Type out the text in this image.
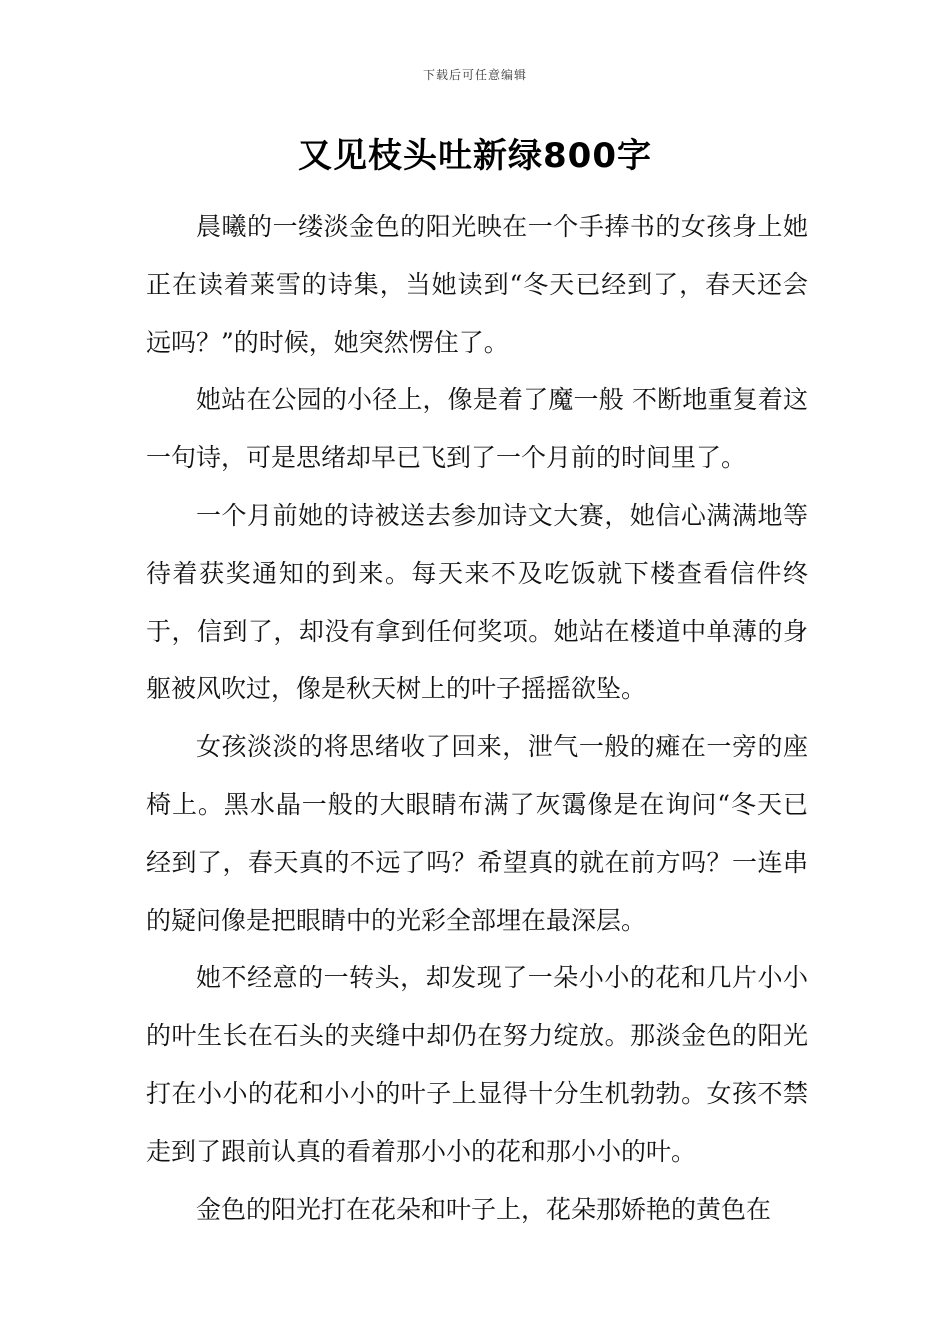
下载后可任意编辑
又见枝头吐新绿800字

晨曦的一缕淡金色的阳光映在一个手捧书的女孩身上她正在读着莱雪的诗集，当她读到“冬天已经到了，春天还会远吗？”的时候，她突然愣住了。

她站在公园的小径上，像是着了魔一般 不断地重复着这一句诗，可是思绪却早已飞到了一个月前的时间里了。

一个月前她的诗被送去参加诗文大赛，她信心满满地等待着获奖通知的到来。每天来不及吃饭就下楼查看信件终于，信到了，却没有拿到任何奖项。她站在楼道中单薄的身躯被风吹过，像是秋天树上的叶子摇摇欲坠。

女孩淡淡的将思绪收了回来，泄气一般的瘫在一旁的座椅上。黑水晶一般的大眼睛布满了灰霭像是在询问“冬天已经到了，春天真的不远了吗？希望真的就在前方吗？一连串的疑问像是把眼睛中的光彩全部埋在最深层。

她不经意的一转头，却发现了一朵小小的花和几片小小的叶生长在石头的夹缝中却仍在努力绽放。那淡金色的阳光打在小小的花和小小的叶子上显得十分生机勃勃。女孩不禁走到了跟前认真的看着那小小的花和那小小的叶。

金色的阳光打在花朵和叶子上，花朵那娇艳的黄色在
